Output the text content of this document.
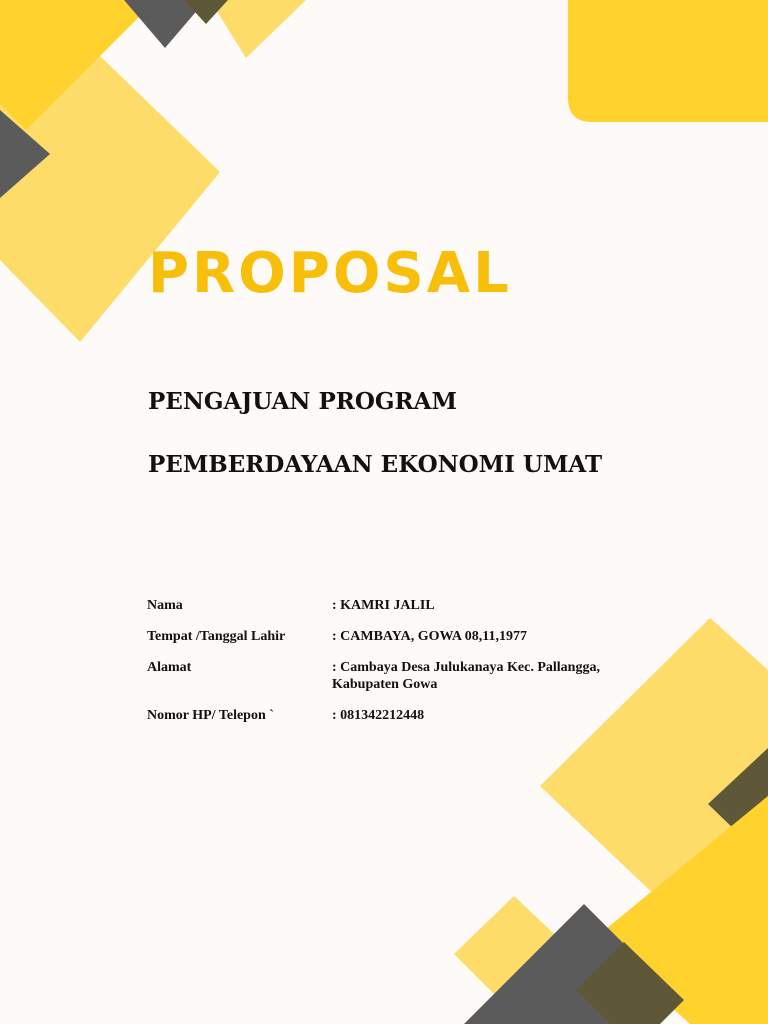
PROPOSAL
PENGAJUAN PROGRAM
PEMBERDAYAAN EKONOMI UMAT
Nama	: KAMRI JALIL
Tempat /Tanggal Lahir	: CAMBAYA, GOWA 08,11,1977
Alamat	: Cambaya Desa Julukanaya Kec. Pallangga, Kabupaten Gowa
Nomor HP/ Telepon `	: 081342212448
